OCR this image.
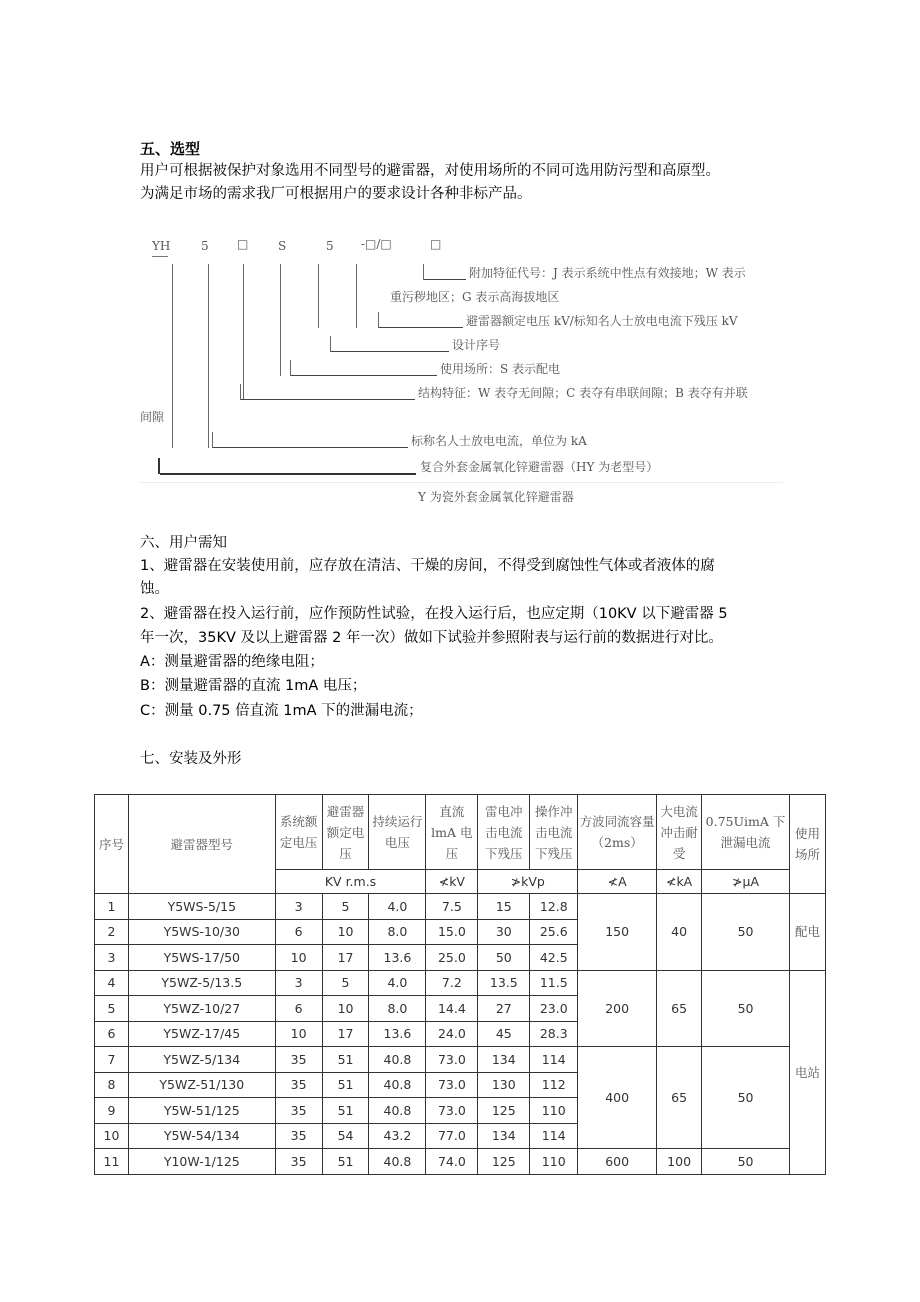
五、选型
用户可根据被保护对象选用不同型号的避雷器，对使用场所的不同可选用防污型和高原型。
为满足市场的需求我厂可根据用户的要求设计各种非标产品。
YH	5 □ S	5 -□/□	□
附加特征代号：J 表示系统中性点有效接地；W 表示
重污秽地区；G 表示高海拔地区
避雷器额定电压 kV/标知名人士放电电流下残压 kV
设计序号
使用场所：S 表示配电
结构特征：W 表夺无间隙；C 表夺有串联间隙；B 表夺有并联
间隙
标称名人士放电电流，单位为 kA
复合外套金属氧化锌避雷器（HY 为老型号）
Y 为瓷外套金属氧化锌避雷器
六、用户需知
1、避雷器在安装使用前，应存放在清洁、干燥的房间，不得受到腐蚀性气体或者液体的腐
蚀。
2、避雷器在投入运行前，应作预防性试验，在投入运行后，也应定期（10KV 以下避雷器 5
年一次，35KV 及以上避雷器 2 年一次）做如下试验并参照附表与运行前的数据进行对比。
A：测量避雷器的绝缘电阻；
B：测量避雷器的直流 1mA 电压；
C：测量 0.75 倍直流 1mA 下的泄漏电流；
七、安装及外形
序号	避雷器型号	系统额定电压	避雷器额定电压	持续运行电压	直流 lmA 电压	雷电冲击电流下残压	操作冲击电流下残压	方波同流容量（2ms）	大电流冲击耐受	0.75UimA 下泄漏电流	使用场所
		KV r.m.s			≮kV	≯kVp		≮A	≮kA	≯μA	
1	Y5WS-5/15	3	5	4.0	7.5	15	12.8	150	40	50	配电
2	Y5WS-10/30	6	10	8.0	15.0	30	25.6				
3	Y5WS-17/50	10	17	13.6	25.0	50	42.5				
4	Y5WZ-5/13.5	3	5	4.0	7.2	13.5	11.5	200	65	50	电站
5	Y5WZ-10/27	6	10	8.0	14.4	27	23.0				
6	Y5WZ-17/45	10	17	13.6	24.0	45	28.3				
7	Y5WZ-5/134	35	51	40.8	73.0	134	114	400	65	50	
8	Y5WZ-51/130	35	51	40.8	73.0	130	112				
9	Y5W-51/125	35	51	40.8	73.0	125	110				
10	Y5W-54/134	35	54	43.2	77.0	134	114				
11	Y10W-1/125	35	51	40.8	74.0	125	110	600	100	50	
